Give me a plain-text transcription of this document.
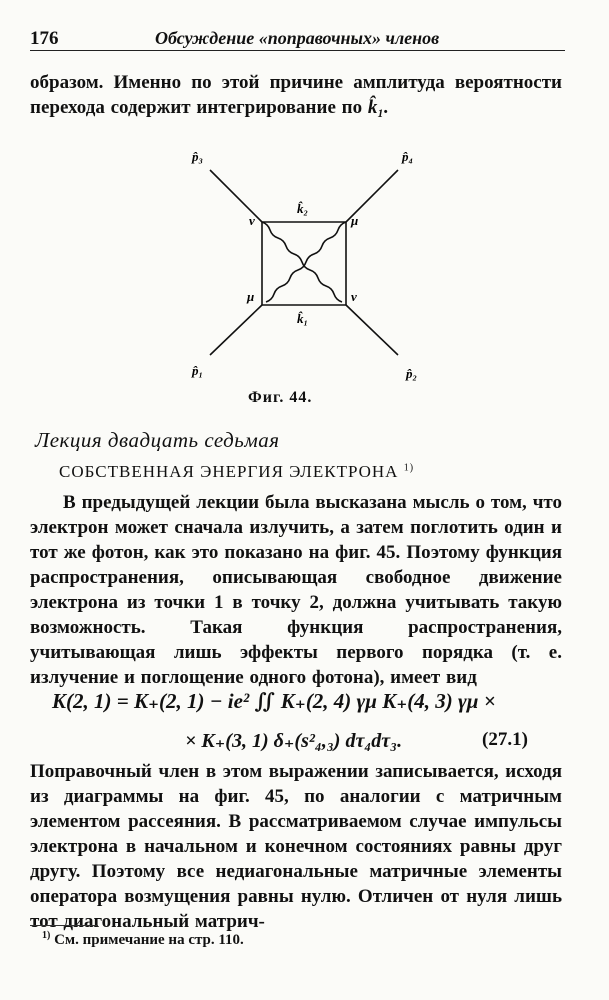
176	Обсуждение «поправочных» членов
образом. Именно по этой причине амплитуда вероятности перехода содержит интегрирование по k̂₁.
p̂₃	p̂₄
p̂₁	p̂₂
k̂₂
k̂₁
ν	μ
μ	ν
Фиг. 44.
Лекция двадцать седьмая
СОБСТВЕННАЯ ЭНЕРГИЯ ЭЛЕКТРОНА $^{1)}$
В предыдущей лекции была высказана мысль о том, что электрон может сначала излучить, а затем поглотить один и тот же фотон, как это показано на фиг. 45. Поэтому функция распространения, описывающая свободное движение электрона из точки 1 в точку 2, должна учитывать такую возможность. Такая функция распространения, учитывающая лишь эффекты первого порядка (т. е. излучение и поглощение одного фотона), имеет вид
K(2, 1) = K₊(2, 1) − ie² ∬ K₊(2, 4) γμ K₊(4, 3) γμ ×
× K₊(3, 1) δ₊(s²₄,₃) dτ₄dτ₃.	(27.1)
Поправочный член в этом выражении записывается, исходя из диаграммы на фиг. 45, по аналогии с матричным элементом рассеяния. В рассматриваемом случае импульсы электрона в начальном и конечном состояниях равны друг другу. Поэтому все недиагональные матричные элементы оператора возмущения равны нулю. Отличен от нуля лишь тот диагональный матрич-
$^{1)}$ См. примечание на стр. 110.
